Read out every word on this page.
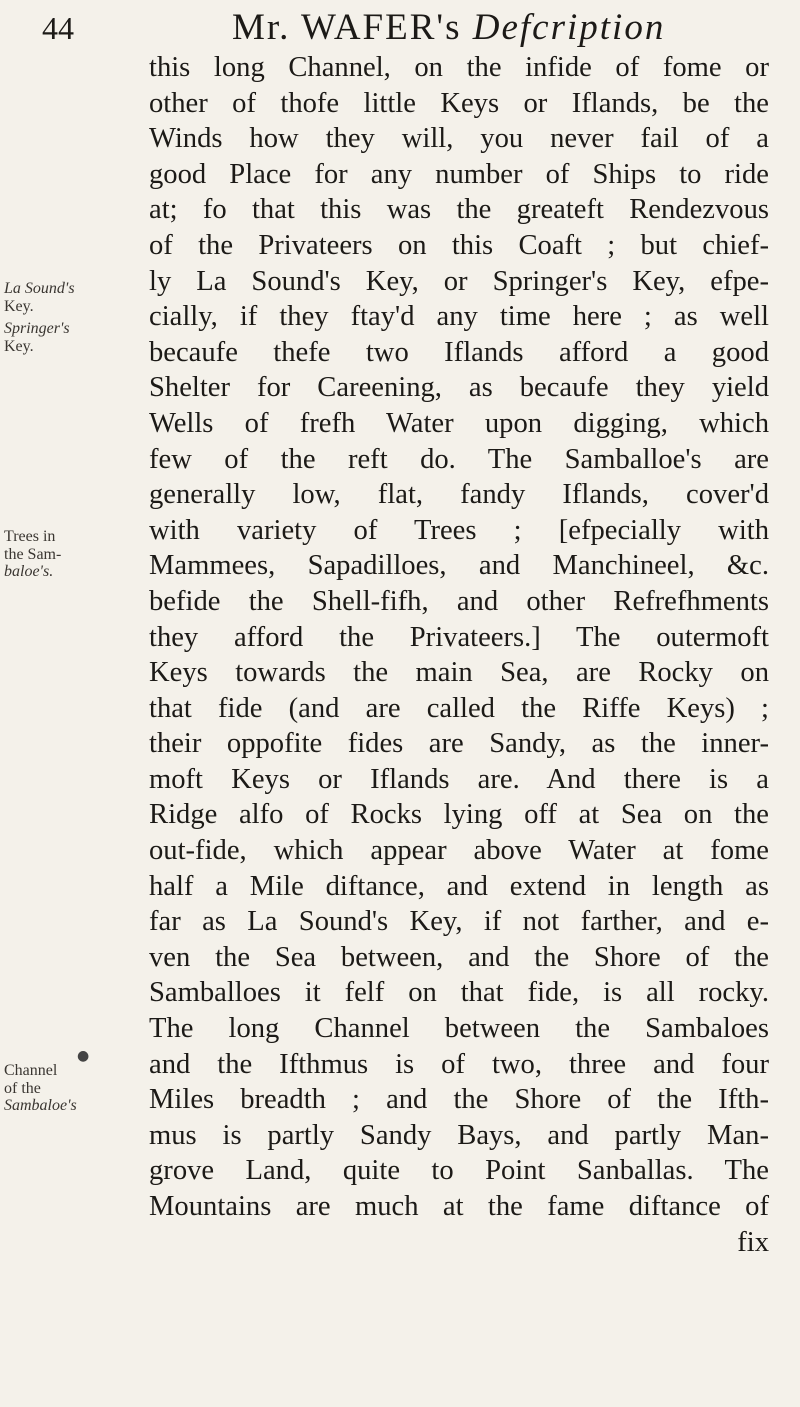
44	Mr. WAFER's Defcription
La Sound's
Key.
Springer's
Key.
Trees in
the Sam-
baloe's.
Channel
of the
Sambaloe's
●
this long Channel, on the infide of fome or
other of thofe little Keys or Iflands, be the
Winds how they will, you never fail of a
good Place for any number of Ships to ride
at; fo that this was the greateft Rendezvous
of the Privateers on this Coaft ; but chief-
ly La Sound's Key, or Springer's Key, efpe-
cially, if they ftay'd any time here ; as well
becaufe thefe two Iflands afford a good
Shelter for Careening, as becaufe they yield
Wells of frefh Water upon digging, which
few of the reft do. The Samballoe's are
generally low, flat, fandy Iflands, cover'd
with variety of Trees ; [efpecially with
Mammees, Sapadilloes, and Manchineel, &c.
befide the Shell-fifh, and other Refrefhments
they afford the Privateers.] The outermoft
Keys towards the main Sea, are Rocky on
that fide (and are called the Riffe Keys) ;
their oppofite fides are Sandy, as the inner-
moft Keys or Iflands are. And there is a
Ridge alfo of Rocks lying off at Sea on the
out-fide, which appear above Water at fome
half a Mile diftance, and extend in length as
far as La Sound's Key, if not farther, and e-
ven the Sea between, and the Shore of the
Samballoes it felf on that fide, is all rocky.
The long Channel between the Sambaloes
and the Ifthmus is of two, three and four
Miles breadth ; and the Shore of the Ifth-
mus is partly Sandy Bays, and partly Man-
grove Land, quite to Point Sanballas. The
Mountains are much at the fame diftance of
fix
